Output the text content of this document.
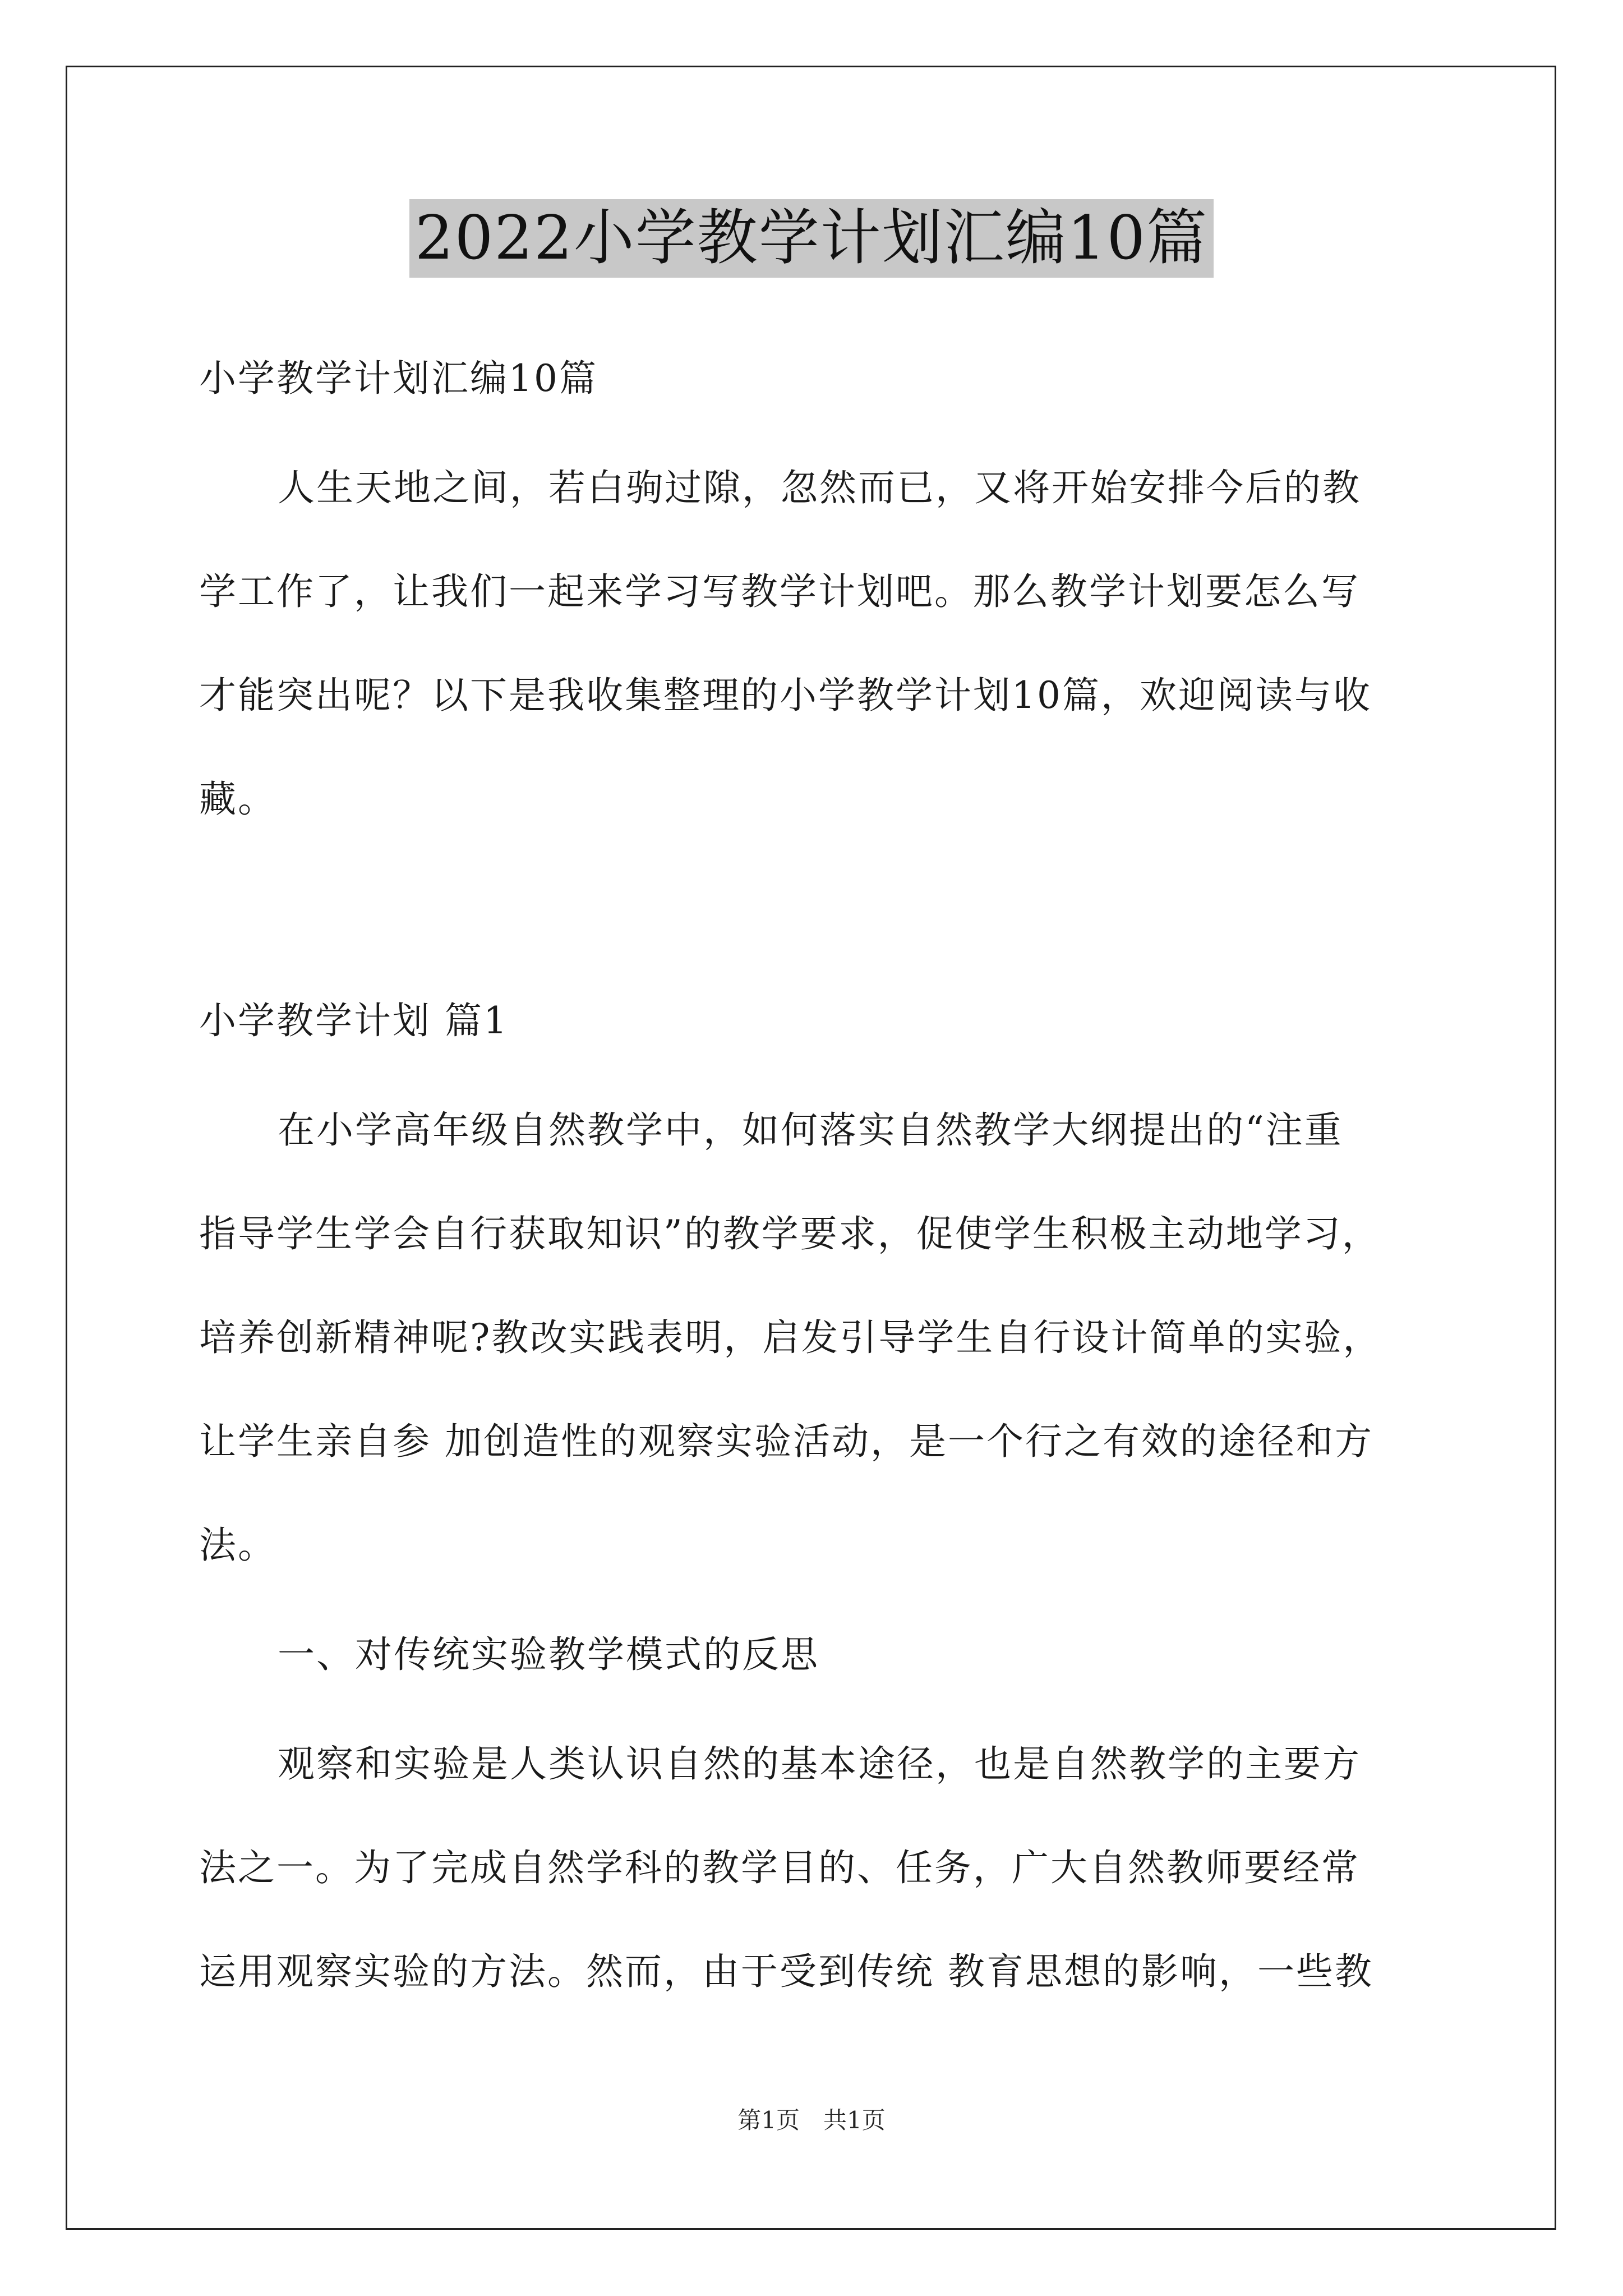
2022小学教学计划汇编10篇
小学教学计划汇编10篇
人生天地之间，若白驹过隙，忽然而已，又将开始安排今后的教
学工作了，让我们一起来学习写教学计划吧。那么教学计划要怎么写
才能突出呢？以下是我收集整理的小学教学计划10篇，欢迎阅读与收
藏。
小学教学计划 篇1
在小学高年级自然教学中，如何落实自然教学大纲提出的“注重
指导学生学会自行获取知识”的教学要求，促使学生积极主动地学习，
培养创新精神呢?教改实践表明，启发引导学生自行设计简单的实验，
让学生亲自参 加创造性的观察实验活动，是一个行之有效的途径和方
法。
一、对传统实验教学模式的反思
观察和实验是人类认识自然的基本途径，也是自然教学的主要方
法之一。为了完成自然学科的教学目的、任务，广大自然教师要经常
运用观察实验的方法。然而，由于受到传统 教育思想的影响，一些教
第1页　共1页
